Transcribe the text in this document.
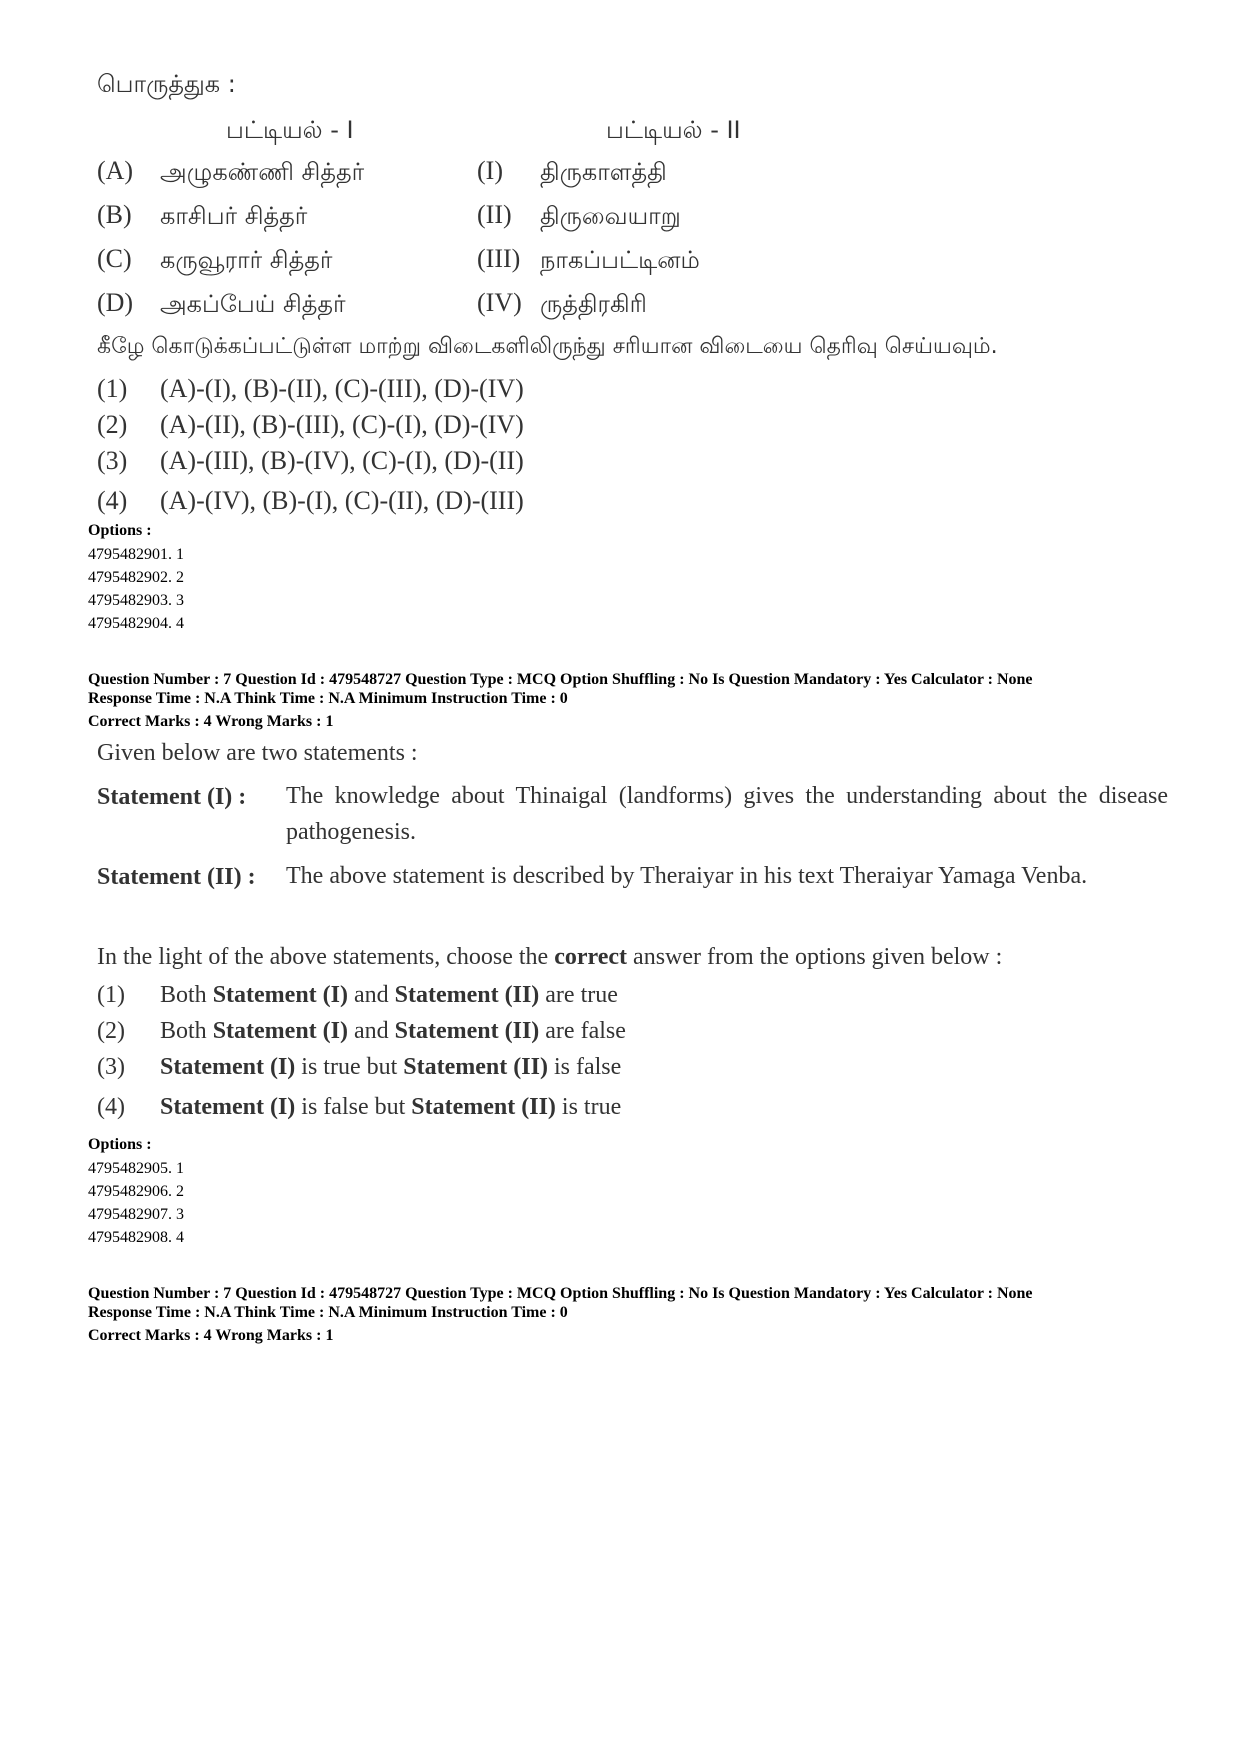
பொருத்துக :
பட்டியல் - I	பட்டியல் - II
(A) அழுகண்ணி சித்தர்	(I) திருகாளத்தி
(B) காசிபர் சித்தர்	(II) திருவையாறு
(C) கருவூரார் சித்தர்	(III) நாகப்பட்டினம்
(D) அகப்பேய் சித்தர்	(IV) ருத்திரகிரி
கீழே கொடுக்கப்பட்டுள்ள மாற்று விடைகளிலிருந்து சரியான விடையை தெரிவு செய்யவும்.
(1) (A)-(I), (B)-(II), (C)-(III), (D)-(IV)
(2) (A)-(II), (B)-(III), (C)-(I), (D)-(IV)
(3) (A)-(III), (B)-(IV), (C)-(I), (D)-(II)
(4) (A)-(IV), (B)-(I), (C)-(II), (D)-(III)
Options :
4795482901. 1
4795482902. 2
4795482903. 3
4795482904. 4
Question Number : 7 Question Id : 479548727 Question Type : MCQ Option Shuffling : No Is Question Mandatory : Yes Calculator : None
Response Time : N.A Think Time : N.A Minimum Instruction Time : 0
Correct Marks : 4 Wrong Marks : 1
Given below are two statements :
Statement (I) : The knowledge about Thinaigal (landforms) gives the understanding about the disease pathogenesis.
Statement (II) : The above statement is described by Theraiyar in his text Theraiyar Yamaga Venba.
In the light of the above statements, choose the correct answer from the options given below :
(1) Both Statement (I) and Statement (II) are true
(2) Both Statement (I) and Statement (II) are false
(3) Statement (I) is true but Statement (II) is false
(4) Statement (I) is false but Statement (II) is true
Options :
4795482905. 1
4795482906. 2
4795482907. 3
4795482908. 4
Question Number : 7 Question Id : 479548727 Question Type : MCQ Option Shuffling : No Is Question Mandatory : Yes Calculator : None
Response Time : N.A Think Time : N.A Minimum Instruction Time : 0
Correct Marks : 4 Wrong Marks : 1
